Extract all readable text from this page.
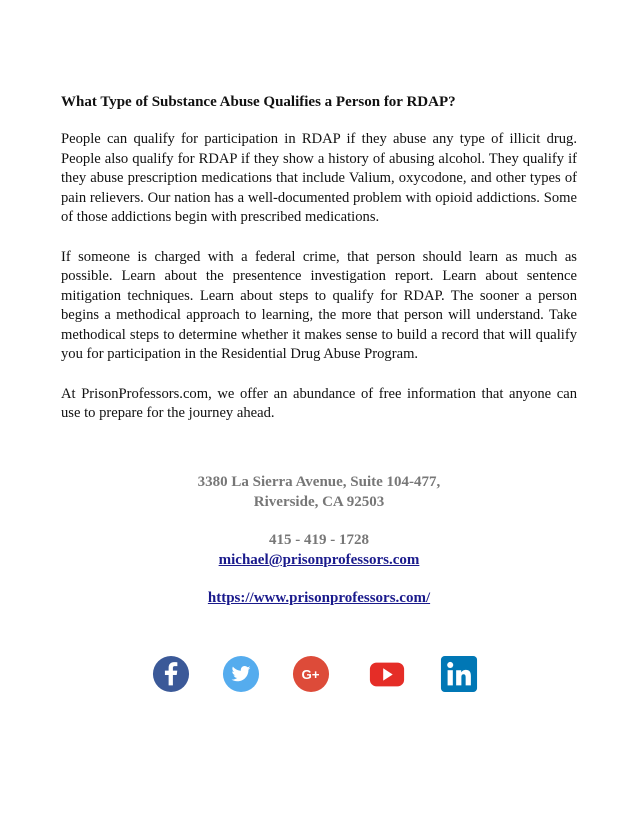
What Type of Substance Abuse Qualifies a Person for RDAP?

People can qualify for participation in RDAP if they abuse any type of illicit drug. People also qualify for RDAP if they show a history of abusing alcohol. They qualify if they abuse prescription medications that include Valium, oxycodone, and other types of pain relievers. Our nation has a well-documented problem with opioid addictions. Some of those addictions begin with prescribed medications.

If someone is charged with a federal crime, that person should learn as much as possible. Learn about the presentence investigation report. Learn about sentence mitigation techniques. Learn about steps to qualify for RDAP. The sooner a person begins a methodical approach to learning, the more that person will understand. Take methodical steps to determine whether it makes sense to build a record that will qualify you for participation in the Residential Drug Abuse Program.

At PrisonProfessors.com, we offer an abundance of free information that anyone can use to prepare for the journey ahead.

3380 La Sierra Avenue, Suite 104-477,
Riverside, CA 92503
415 - 419 - 1728
michael@prisonprofessors.com
https://www.prisonprofessors.com/
G+
